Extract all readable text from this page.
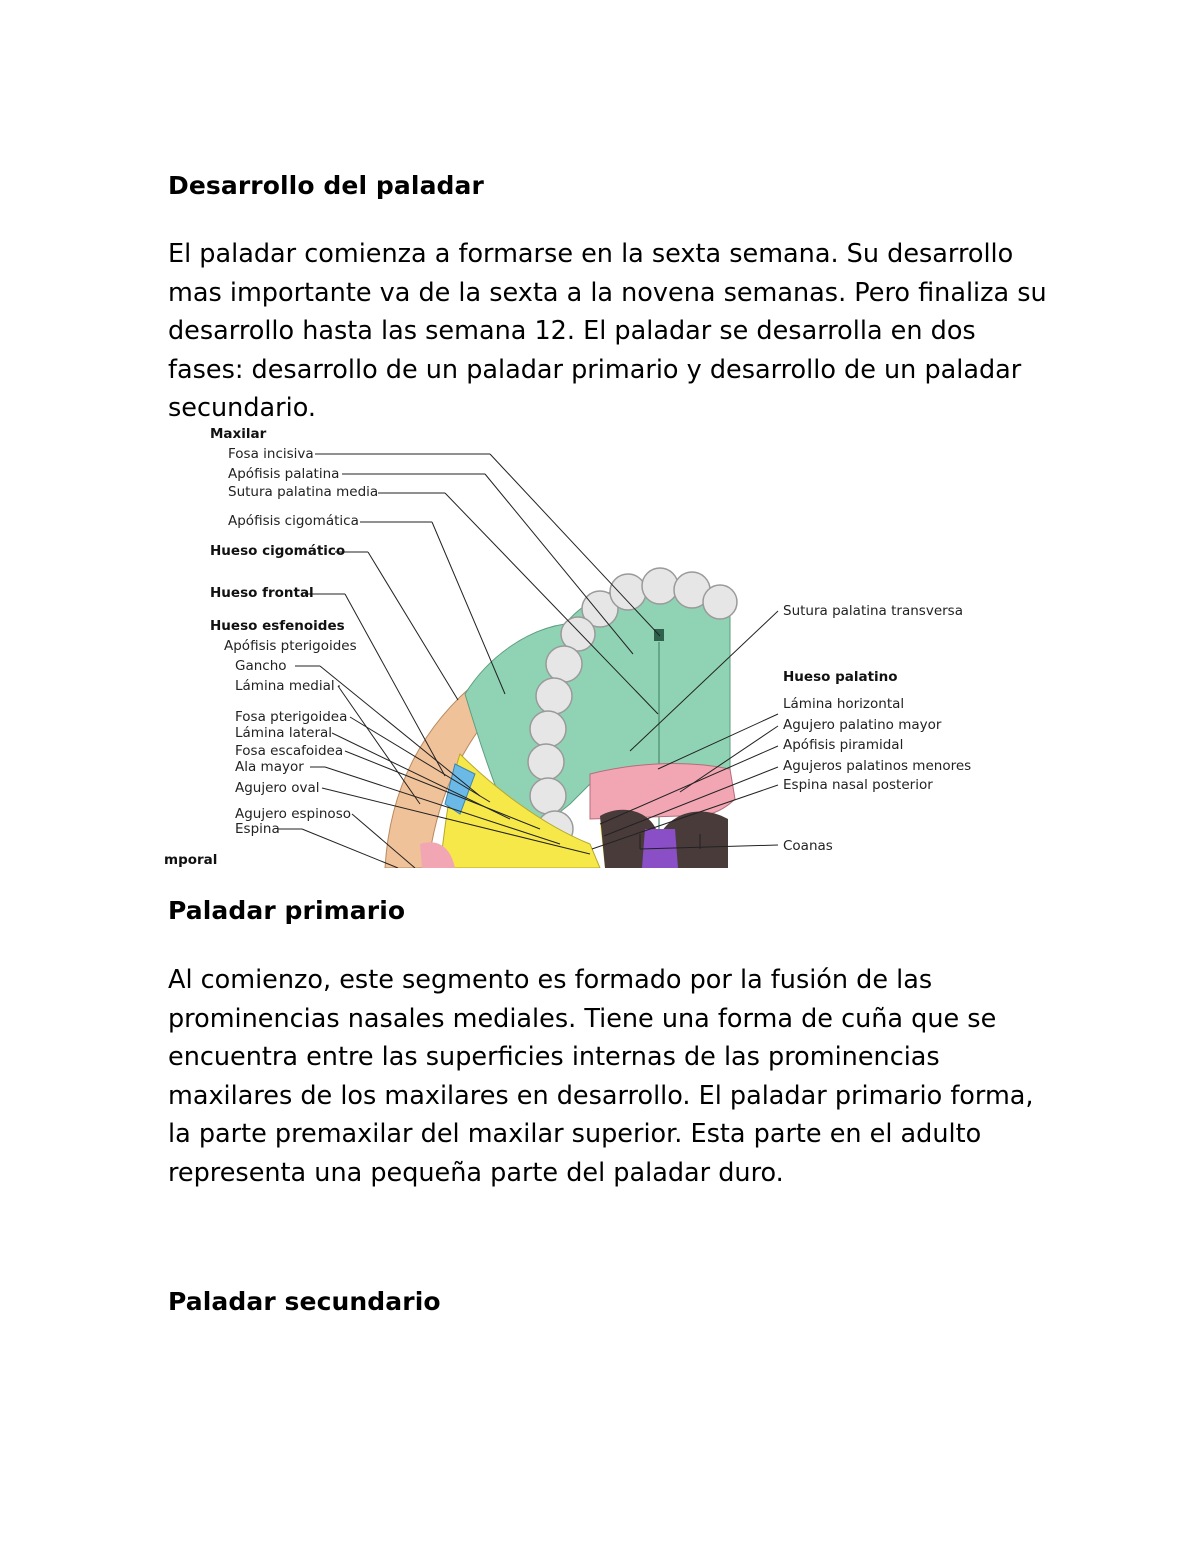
Desarrollo del paladar

El paladar comienza a formarse en la sexta semana. Su desarrollo mas importante va de la sexta a la novena semanas. Pero finaliza su desarrollo hasta las semana 12. El paladar se desarrolla en dos fases: desarrollo de un paladar primario y desarrollo de un paladar secundario.

Maxilar
Fosa incisiva
Apófisis palatina
Sutura palatina media
Apófisis cigomática
Hueso cigomático
Hueso frontal
Hueso esfenoides
Apófisis pterigoides
Gancho
Lámina medial
Fosa pterigoidea
Lámina lateral
Fosa escafoidea
Ala mayor
Agujero oval
Agujero espinoso
Espina
mporal
Sutura palatina transversa
Hueso palatino
Lámina horizontal
Agujero palatino mayor
Apófisis piramidal
Agujeros palatinos menores
Espina nasal posterior
Coanas
Paladar primario

Al comienzo, este segmento es formado por la fusión de las prominencias nasales mediales. Tiene una forma de cuña que se encuentra entre las superficies internas de las prominencias maxilares de los maxilares en desarrollo. El paladar primario forma, la parte premaxilar del maxilar superior. Esta parte en el adulto representa una pequeña parte del paladar duro.

Paladar secundario
